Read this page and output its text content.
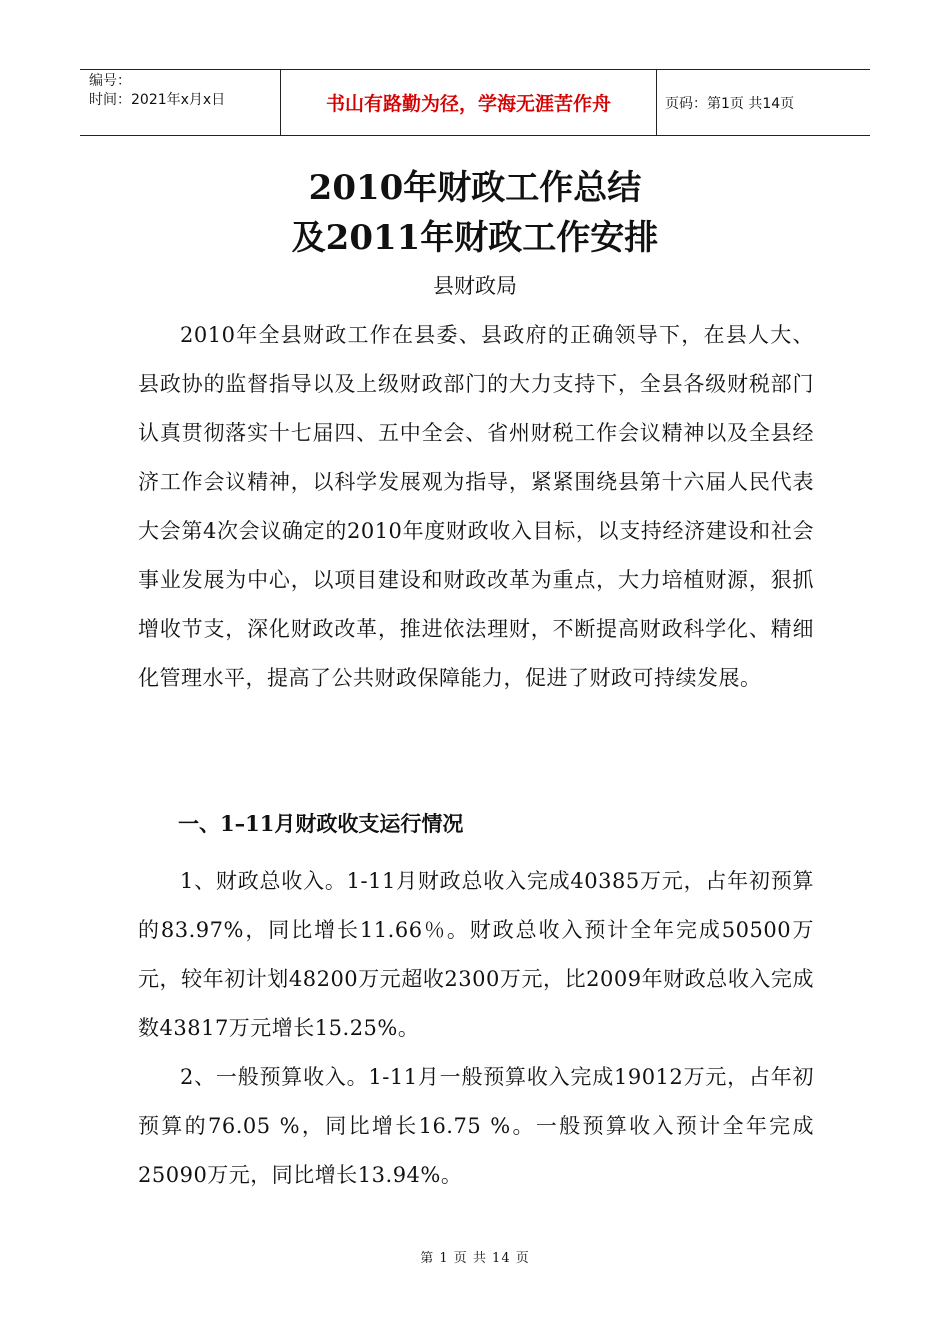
编号：
时间：2021年x月x日	书山有路勤为径，学海无涯苦作舟	页码：第1页 共14页
2010年财政工作总结
及2011年财政工作安排
县财政局
2010年全县财政工作在县委、县政府的正确领导下，在县人大、县政协的监督指导以及上级财政部门的大力支持下，全县各级财税部门认真贯彻落实十七届四、五中全会、省州财税工作会议精神以及全县经济工作会议精神，以科学发展观为指导，紧紧围绕县第十六届人民代表大会第4次会议确定的2010年度财政收入目标，以支持经济建设和社会事业发展为中心，以项目建设和财政改革为重点，大力培植财源，狠抓增收节支，深化财政改革，推进依法理财，不断提高财政科学化、精细化管理水平，提高了公共财政保障能力，促进了财政可持续发展。
一、1–11月财政收支运行情况
1、财政总收入。1-11月财政总收入完成40385万元，占年初预算的83.97%，同比增长11.66％。财政总收入预计全年完成50500万元，较年初计划48200万元超收2300万元，比2009年财政总收入完成数43817万元增长15.25%。
2、一般预算收入。1-11月一般预算收入完成19012万元，占年初预算的76.05 %，同比增长16.75 %。一般预算收入预计全年完成25090万元，同比增长13.94%。
第 1 页 共 14 页
